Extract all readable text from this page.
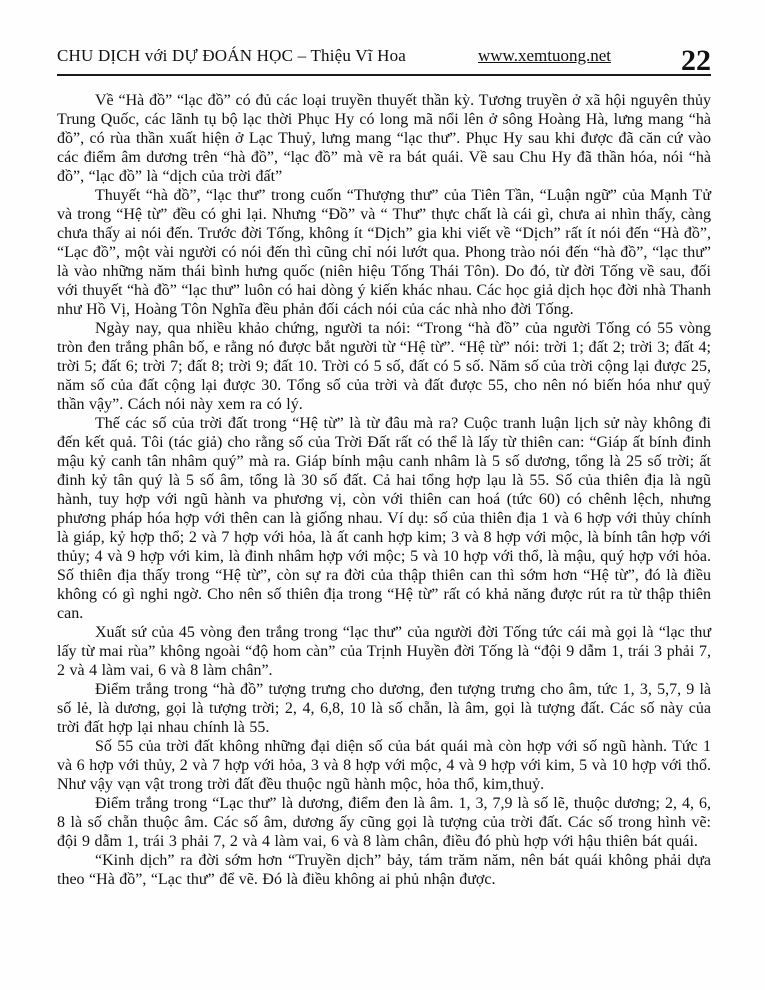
CHU DỊCH với DỰ ĐOÁN HỌC – Thiệu Vĩ Hoa	www.xemtuong.net 22

Về “Hà đồ” “lạc đồ” có đủ các loại truyền thuyết thần kỳ. Tương truyền ở xã hội nguyên thủy Trung Quốc, các lãnh tụ bộ lạc thời Phục Hy có long mã nổi lên ở sông Hoàng Hà, lưng mang “hà đồ”, có rùa thần xuất hiện ở Lạc Thuỷ, lưng mang “lạc thư”. Phục Hy sau khi được đã căn cứ vào các điểm âm dương trên “hà đồ”, “lạc đồ” mà vẽ ra bát quái. Về sau Chu Hy đã thần hóa, nói “hà đồ”, “lạc đồ” là “dịch của trời đất”

Thuyết “hà đồ”, “lạc thư” trong cuốn “Thượng thư” của Tiên Tần, “Luận ngữ” của Mạnh Tử và trong “Hệ từ” đều có ghi lại. Nhưng “Đồ” và “ Thư” thực chất là cái gì, chưa ai nhìn thấy, càng chưa thấy ai nói đến. Trước đời Tống, không ít “Dịch” gia khi viết về “Dịch” rất ít nói đến “Hà đồ”, “Lạc đồ”, một vài người có nói đến thì cũng chỉ nói lướt qua. Phong trào nói đến “hà đồ”, “lạc thư” là vào những năm thái bình hưng quốc (niên hiệu Tống Thái Tôn). Do đó, từ đời Tống về sau, đối với thuyết “hà đồ” “lạc thư” luôn có hai dòng ý kiến khác nhau. Các học giả dịch học đời nhà Thanh như Hồ Vị, Hoàng Tôn Nghĩa đều phản đối cách nói của các nhà nho đời Tống.

Ngày nay, qua nhiều khảo chứng, người ta nói: “Trong “hà đồ” của người Tống có 55 vòng tròn đen trắng phân bố, e rằng nó được bắt người từ “Hệ từ”. “Hệ từ” nói: trời 1; đất 2; trời 3; đất 4; trời 5; đất 6; trời 7; đất 8; trời 9; đất 10. Trời có 5 số, đất có 5 số. Năm số của trời cộng lại được 25, năm số của đất cộng lại được 30. Tổng số của trời và đất được 55, cho nên nó biến hóa như quỷ thần vậy”. Cách nói này xem ra có lý.

Thế các số của trời đất trong “Hệ từ” là từ đâu mà ra? Cuộc tranh luận lịch sử này không đi đến kết quả. Tôi (tác giả) cho rằng số của Trời Đất rất có thể là lấy từ thiên can: “Giáp ất bính đinh mậu kỷ canh tân nhâm quý” mà ra. Giáp bính mậu canh nhâm là 5 số dương, tổng là 25 số trời; ất đinh kỷ tân quý là 5 số âm, tổng là 30 số đất. Cả hai tổng hợp lạu là 55. Số của thiên địa là ngũ hành, tuy hợp với ngũ hành va phương vị, còn với thiên can hoá (tức 60) có chênh lệch, nhưng phương pháp hóa hợp với thên can là giống nhau. Ví dụ: số của thiên địa 1 và 6 hợp với thủy chính là giáp, kỷ hợp thổ; 2 và 7 hợp với hỏa, là ất canh hợp kim; 3 và 8 hợp với mộc, là bính tân hợp với thủy; 4 và 9 hợp với kim, là đinh nhâm hợp với mộc; 5 và 10 hợp với thổ, là mậu, quý hợp với hỏa. Số thiên địa thấy trong “Hệ từ”, còn sự ra đời của thập thiên can thì sớm hơn “Hệ từ”, đó là điều không có gì nghi ngờ. Cho nên số thiên địa trong “Hệ từ” rất có khả năng được rút ra từ thập thiên can.

Xuất sứ của 45 vòng đen trắng trong “lạc thư” của người đời Tống tức cái mà gọi là “lạc thư lấy từ mai rùa” không ngoài “độ hom càn” của Trịnh Huyền đời Tống là “đội 9 dẫm 1, trái 3 phải 7, 2 và 4 làm vai, 6 và 8 làm chân”.

Điểm trắng trong “hà đồ” tượng trưng cho dương, đen tượng trưng cho âm, tức 1, 3, 5,7, 9 là số lẻ, là dương, gọi là tượng trời; 2, 4, 6,8, 10 là số chẵn, là âm, gọi là tượng đất. Các số này của trời đất hợp lại nhau chính là 55.

Số 55 của trời đất không những đại diện số của bát quái mà còn hợp với số ngũ hành. Tức 1 và 6 hợp với thủy, 2 và 7 hợp với hỏa, 3 và 8 hợp với mộc, 4 và 9 hợp với kim, 5 và 10 hợp với thổ. Như vậy vạn vật trong trời đất đều thuộc ngũ hành mộc, hỏa thổ, kim,thuỷ.

Điểm trắng trong “Lạc thư” là dương, điểm đen là âm. 1, 3, 7,9 là số lẽ, thuộc dương; 2, 4, 6, 8 là số chẵn thuộc âm. Các số âm, dương ấy cũng gọi là tượng của trời đất. Các số trong hình vẽ: đội 9 dẫm 1, trái 3 phải 7, 2 và 4 làm vai, 6 và 8 làm chân, điều đó phù hợp với hậu thiên bát quái.

“Kinh dịch” ra đời sớm hơn “Truyền dịch” bảy, tám trăm năm, nên bát quái không phải dựa theo “Hà đồ”, “Lạc thư” để vẽ. Đó là điều không ai phủ nhận được.
